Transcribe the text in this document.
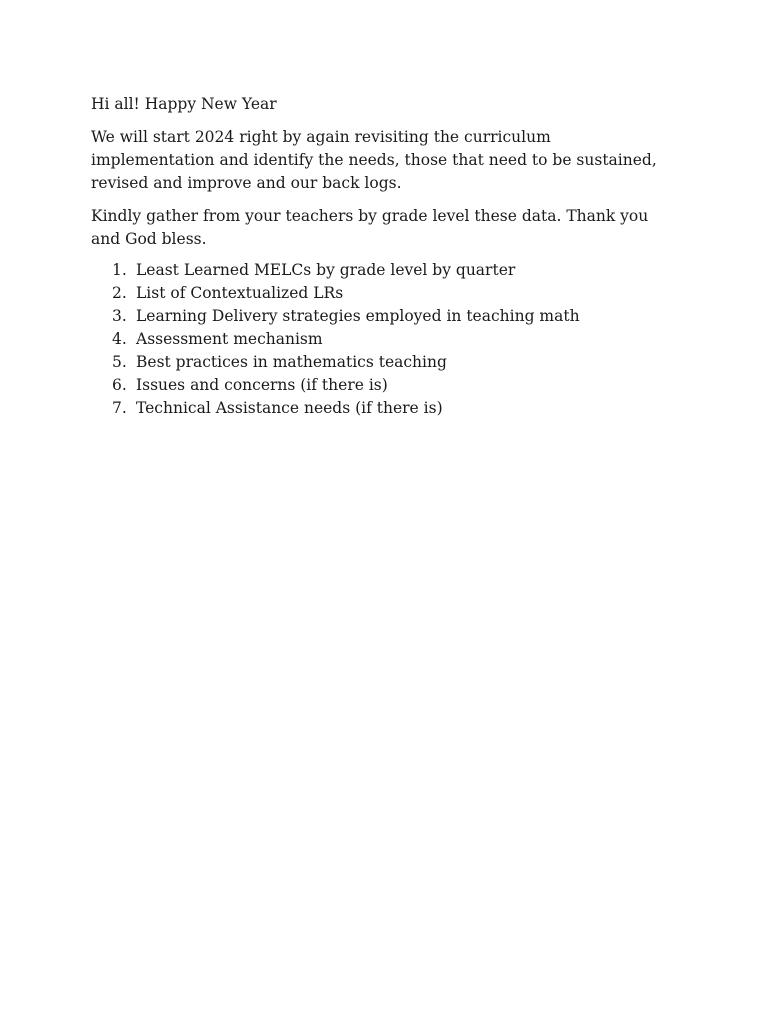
Hi all! Happy New Year

We will start 2024 right by again revisiting the curriculum implementation and identify the needs, those that need to be sustained, revised and improve and our back logs.

Kindly gather from your teachers by grade level these data. Thank you and God bless.

1. Least Learned MELCs by grade level by quarter
2. List of Contextualized LRs
3. Learning Delivery strategies employed in teaching math
4. Assessment mechanism
5. Best practices in mathematics teaching
6. Issues and concerns (if there is)
7. Technical Assistance needs (if there is)
